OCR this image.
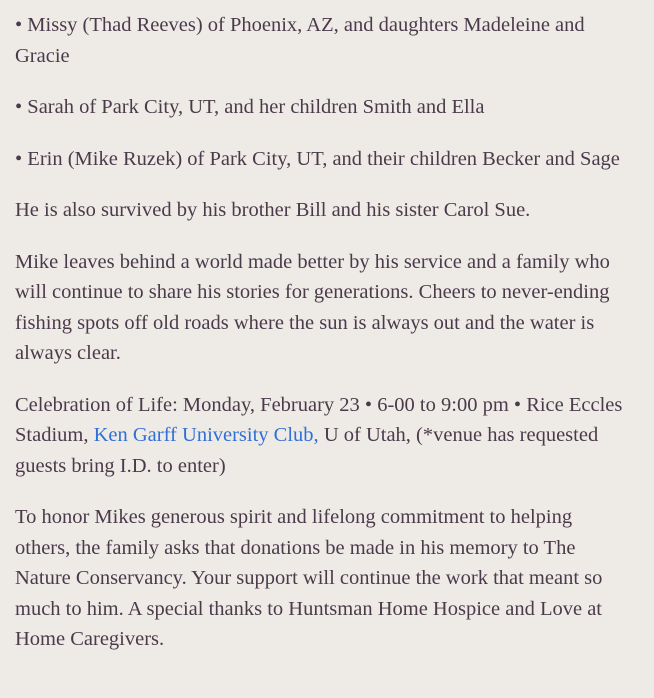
• Missy (Thad Reeves) of Phoenix, AZ, and daughters Madeleine and Gracie

• Sarah of Park City, UT, and her children Smith and Ella

• Erin (Mike Ruzek) of Park City, UT, and their children Becker and Sage

He is also survived by his brother Bill and his sister Carol Sue.

Mike leaves behind a world made better by his service and a family who will continue to share his stories for generations. Cheers to never-ending fishing spots off old roads where the sun is always out and the water is always clear.

Celebration of Life: Monday, February 23 • 6-00 to 9:00 pm • Rice Eccles Stadium, Ken Garff University Club, U of Utah, (*venue has requested guests bring I.D. to enter)

To honor Mikes generous spirit and lifelong commitment to helping others, the family asks that donations be made in his memory to The Nature Conservancy. Your support will continue the work that meant so much to him. A special thanks to Huntsman Home Hospice and Love at Home Caregivers.
